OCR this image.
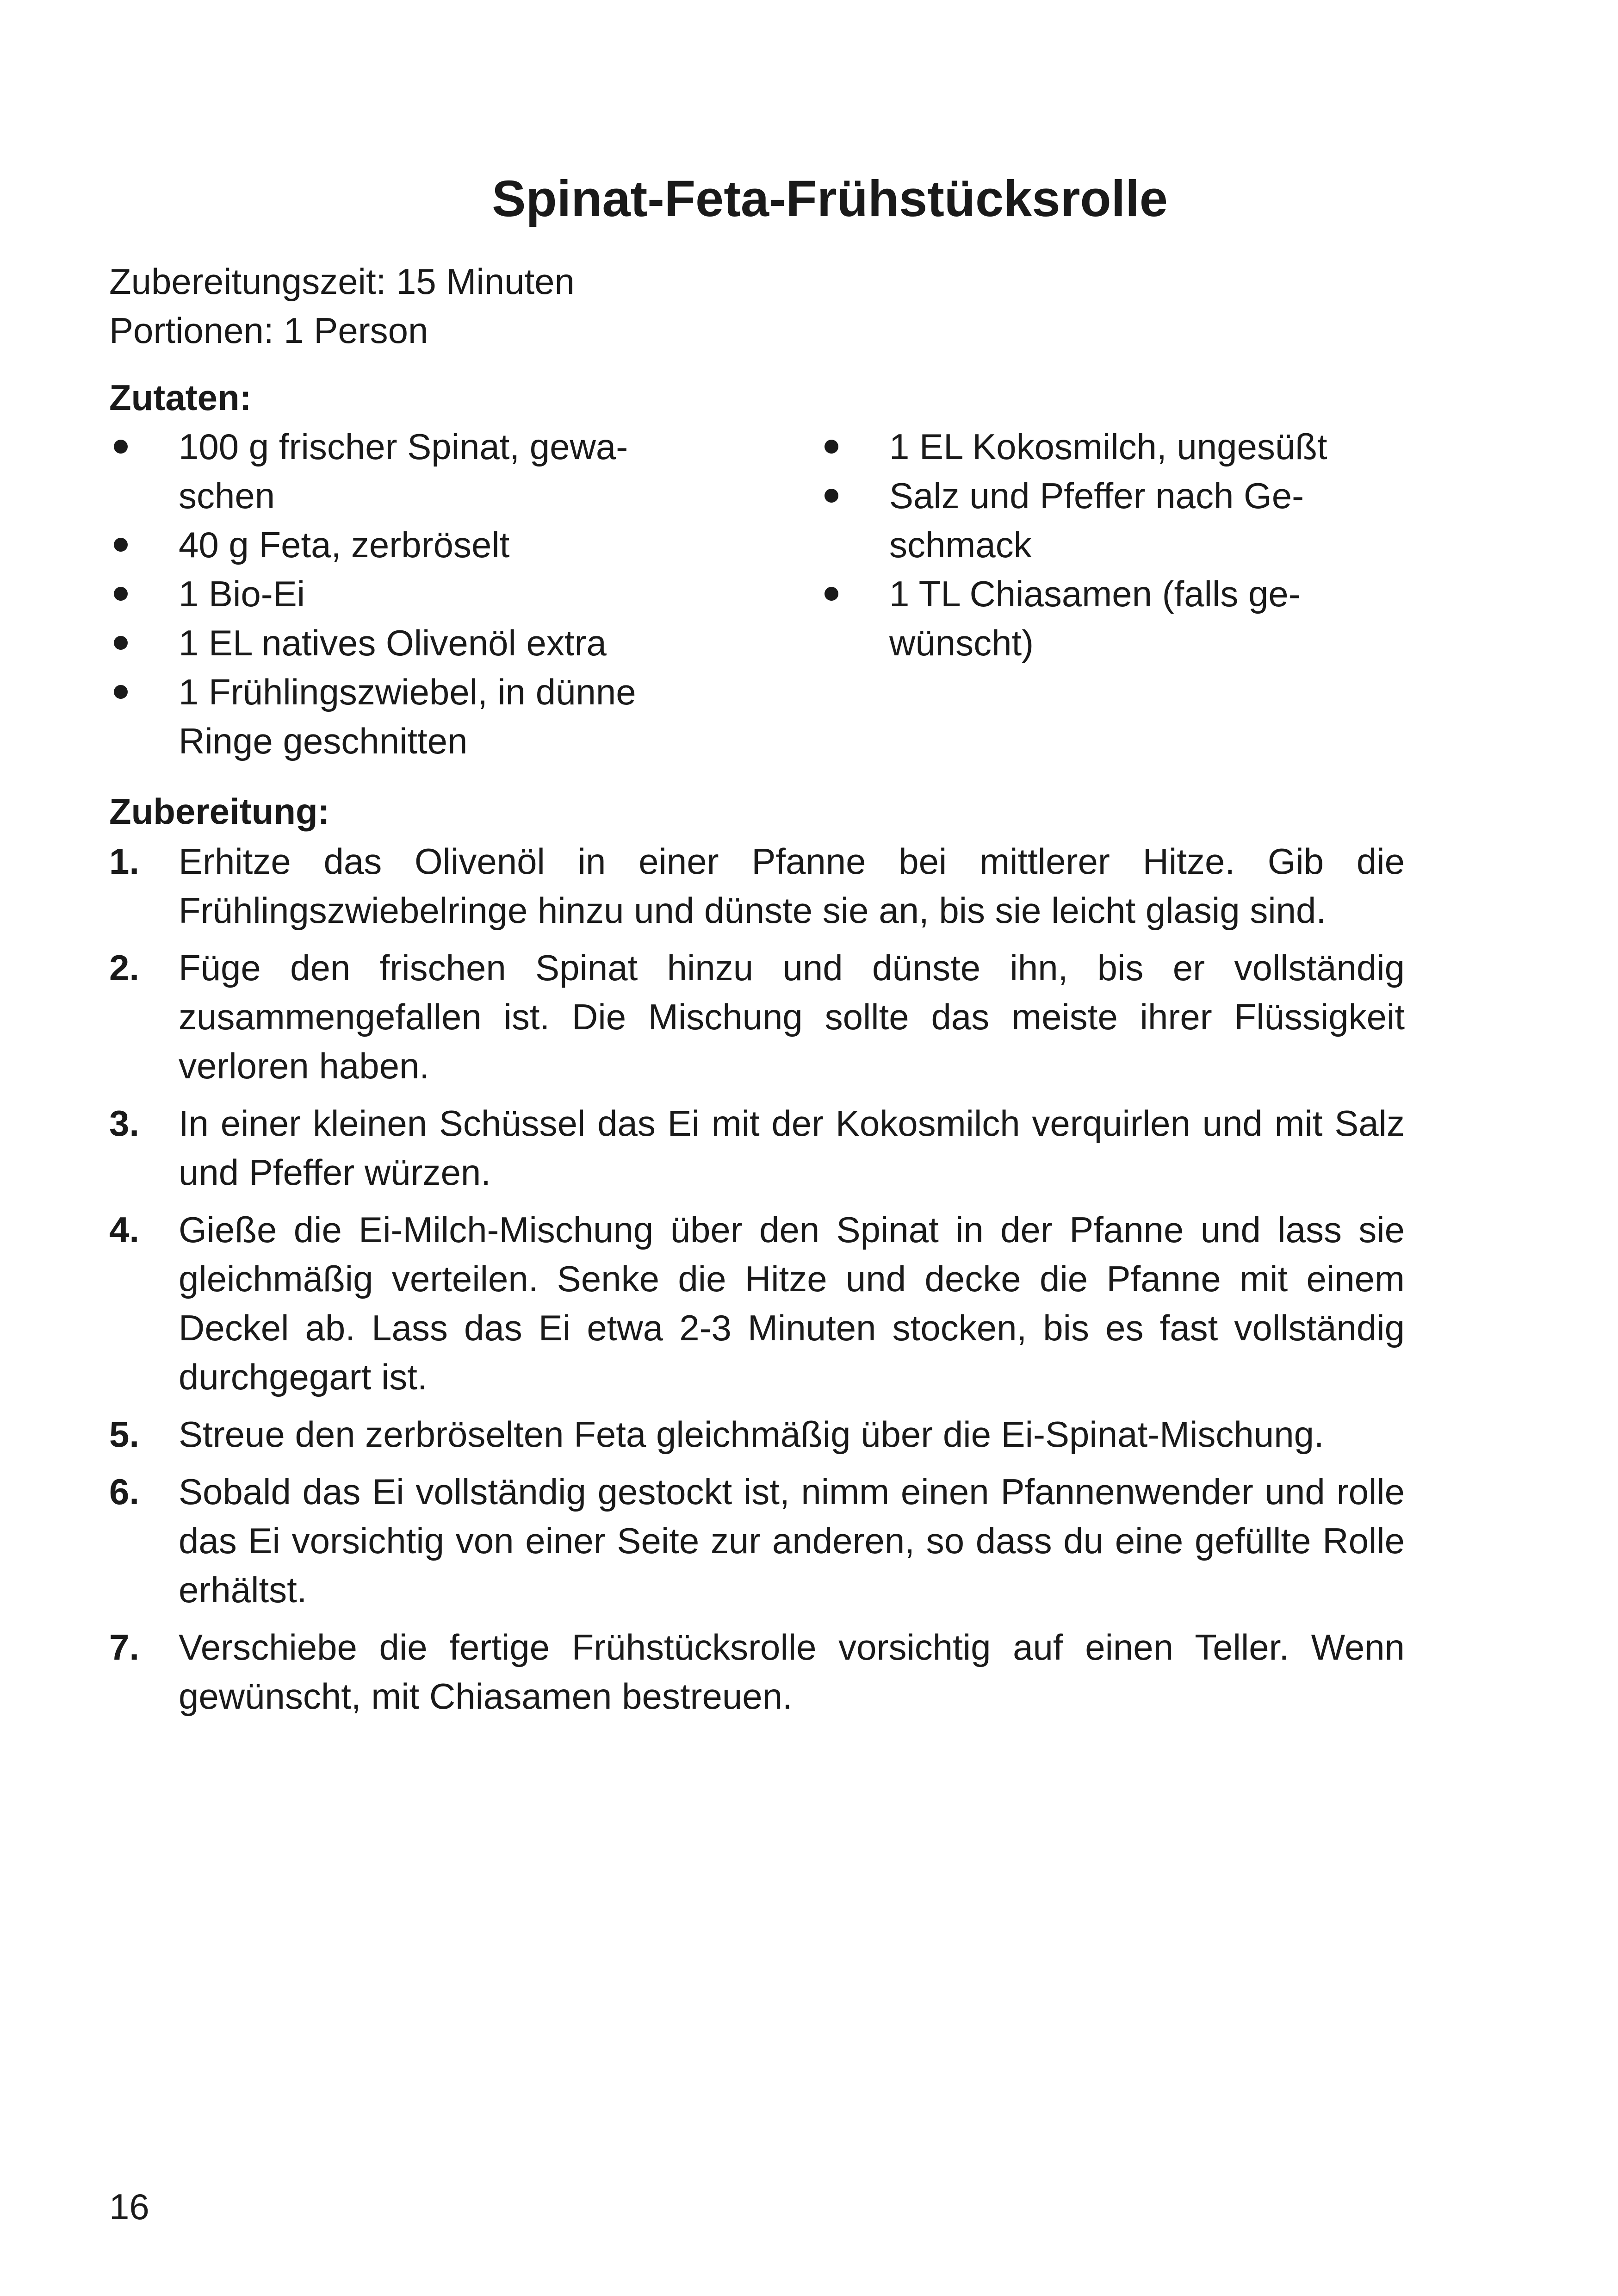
Spinat-Feta-Frühstücksrolle
Zubereitungszeit: 15 Minuten
Portionen: 1 Person
Zutaten:
100 g frischer Spinat, gewa-schen
40 g Feta, zerbröselt
1 Bio-Ei
1 EL natives Olivenöl extra
1 Frühlingszwiebel, in dünne Ringe geschnitten
1 EL Kokosmilch, ungesüßt
Salz und Pfeffer nach Ge-schmack
1 TL Chiasamen (falls ge-wünscht)
Zubereitung:
1. Erhitze das Olivenöl in einer Pfanne bei mittlerer Hitze. Gib die Frühlingszwiebelringe hinzu und dünste sie an, bis sie leicht glasig sind.
2. Füge den frischen Spinat hinzu und dünste ihn, bis er vollständig zusammengefallen ist. Die Mischung sollte das meiste ihrer Flüssigkeit verloren haben.
3. In einer kleinen Schüssel das Ei mit der Kokosmilch verquirlen und mit Salz und Pfeffer würzen.
4. Gieße die Ei-Milch-Mischung über den Spinat in der Pfanne und lass sie gleichmäßig verteilen. Senke die Hitze und decke die Pfanne mit einem Deckel ab. Lass das Ei etwa 2-3 Minuten stocken, bis es fast vollständig durchgegart ist.
5. Streue den zerbröselten Feta gleichmäßig über die Ei-Spinat-Mischung.
6. Sobald das Ei vollständig gestockt ist, nimm einen Pfannenwender und rolle das Ei vorsichtig von einer Seite zur anderen, so dass du eine gefüllte Rolle erhältst.
7. Verschiebe die fertige Frühstücksrolle vorsichtig auf einen Teller. Wenn gewünscht, mit Chiasamen bestreuen.
16
